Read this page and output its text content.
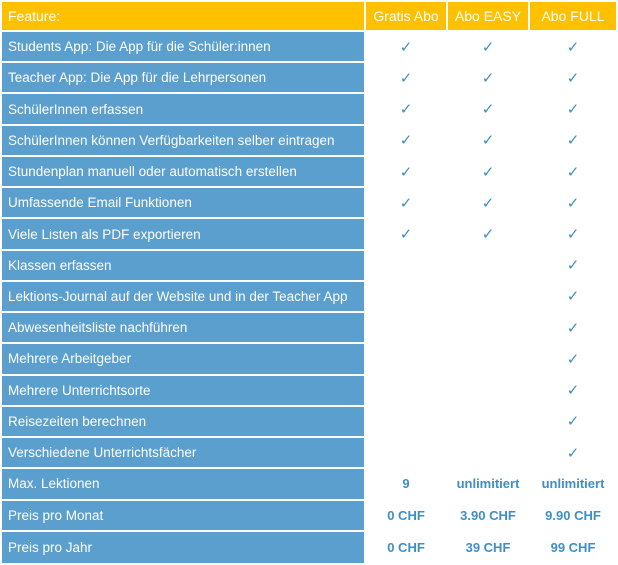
Feature:	Gratis Abo	Abo EASY	Abo FULL
Students App: Die App für die Schüler:innen	✓	✓	✓
Teacher App: Die App für die Lehrpersonen	✓	✓	✓
SchülerInnen erfassen	✓	✓	✓
SchülerInnen können Verfügbarkeiten selber eintragen	✓	✓	✓
Stundenplan manuell oder automatisch erstellen	✓	✓	✓
Umfassende Email Funktionen	✓	✓	✓
Viele Listen als PDF exportieren	✓	✓	✓
Klassen erfassen			✓
Lektions-Journal auf der Website und in der Teacher App			✓
Abwesenheitsliste nachführen			✓
Mehrere Arbeitgeber			✓
Mehrere Unterrichtsorte			✓
Reisezeiten berechnen			✓
Verschiedene Unterrichtsfächer			✓
Max. Lektionen	9	unlimitiert	unlimitiert
Preis pro Monat	0 CHF	3.90 CHF	9.90 CHF
Preis pro Jahr	0 CHF	39 CHF	99 CHF
